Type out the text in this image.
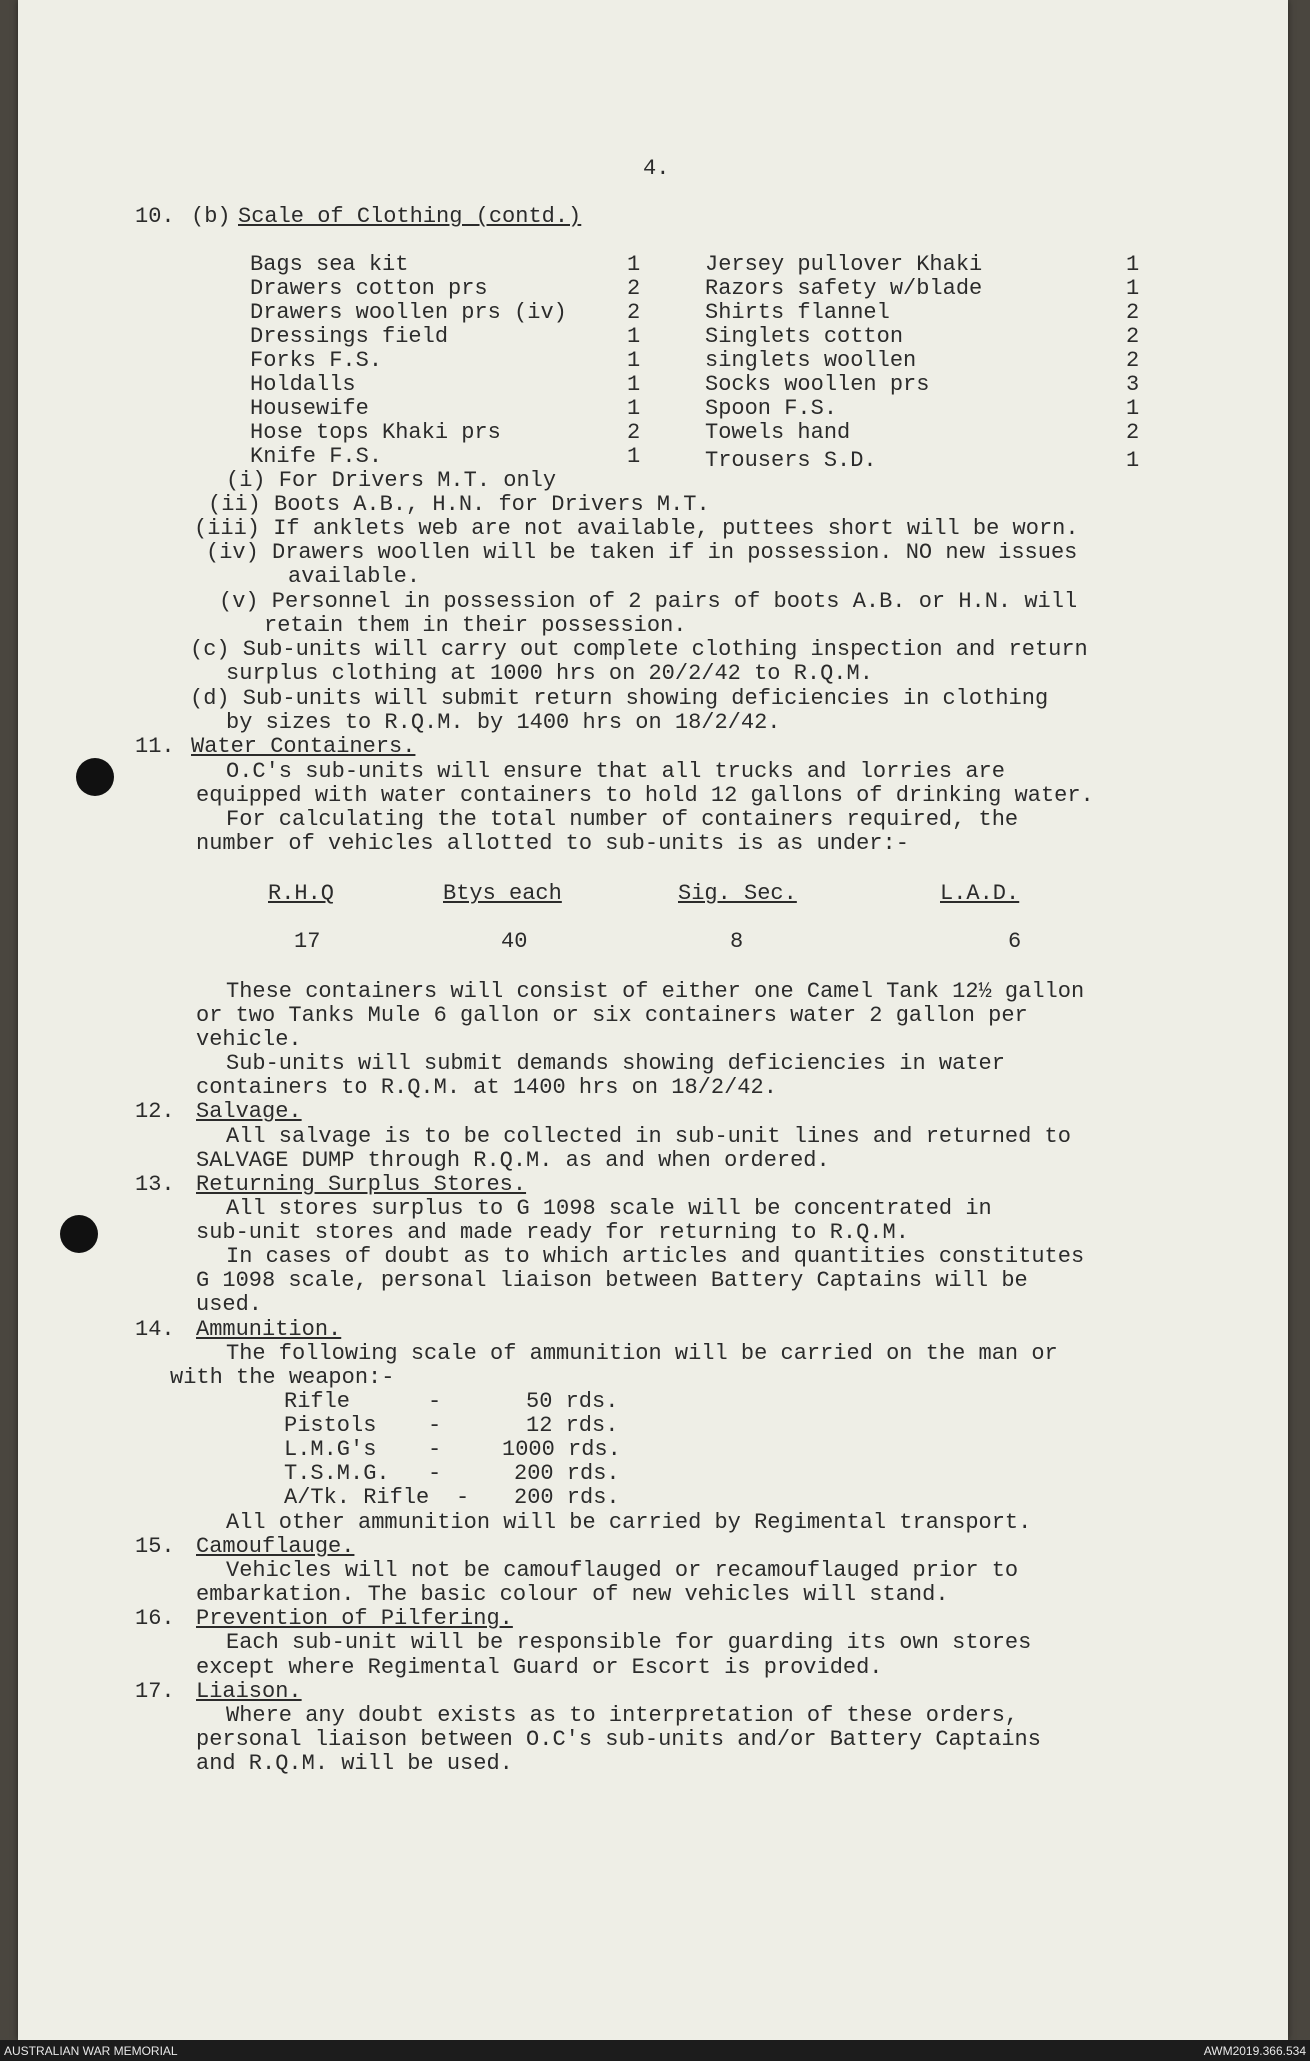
4.
10. (b) Scale of Clothing (contd.)
Bags sea kit	1
Drawers cotton prs	2
Drawers woollen prs (iv)	2
Dressings field	1
Forks F.S.	1
Holdalls	1
Housewife	1
Hose tops Khaki prs	2
Knife F.S.	1
Jersey pullover Khaki	1
Razors safety w/blade	1
Shirts flannel	2
Singlets cotton	2
singlets woollen	2
Socks woollen prs	3
Spoon F.S.	1
Towels hand	2
Trousers S.D.	1
(i) For Drivers M.T. only
(ii) Boots A.B., H.N. for Drivers M.T.
(iii) If anklets web are not available, puttees short will be worn.
(iv) Drawers woollen will be taken if in possession. NO new issues
available.
(v) Personnel in possession of 2 pairs of boots A.B. or H.N. will
retain them in their possession.
(c) Sub-units will carry out complete clothing inspection and return
surplus clothing at 1000 hrs on 20/2/42 to R.Q.M.
(d) Sub-units will submit return showing deficiencies in clothing
by sizes to R.Q.M. by 1400 hrs on 18/2/42.
11. Water Containers.
O.C's sub-units will ensure that all trucks and lorries are
equipped with water containers to hold 12 gallons of drinking water.
For calculating the total number of containers required, the
number of vehicles allotted to sub-units is as under:-
R.H.Q	Btys each	Sig. Sec.	L.A.D.
17	40	8	6
These containers will consist of either one Camel Tank 12½ gallon
or two Tanks Mule 6 gallon or six containers water 2 gallon per
vehicle.
Sub-units will submit demands showing deficiencies in water
containers to R.Q.M. at 1400 hrs on 18/2/42.
12. Salvage.
All salvage is to be collected in sub-unit lines and returned to
SALVAGE DUMP through R.Q.M. as and when ordered.
13. Returning Surplus Stores.
All stores surplus to G 1098 scale will be concentrated in
sub-unit stores and made ready for returning to R.Q.M.
In cases of doubt as to which articles and quantities constitutes
G 1098 scale, personal liaison between Battery Captains will be
used.
14. Ammunition.
The following scale of ammunition will be carried on the man or
with the weapon:-
Rifle	-	50 rds.
Pistols -	12 rds.
L.M.G's -	1000 rds.
T.S.M.G. -	200 rds.
A/Tk. Rifle - 200 rds.
All other ammunition will be carried by Regimental transport.
15. Camouflauge.
Vehicles will not be camouflauged or recamouflauged prior to
embarkation. The basic colour of new vehicles will stand.
16. Prevention of Pilfering.
Each sub-unit will be responsible for guarding its own stores
except where Regimental Guard or Escort is provided.
17. Liaison.
Where any doubt exists as to interpretation of these orders,
personal liaison between O.C's sub-units and/or Battery Captains
and R.Q.M. will be used.
AUSTRALIAN WAR MEMORIAL	AWM2019.366.534
